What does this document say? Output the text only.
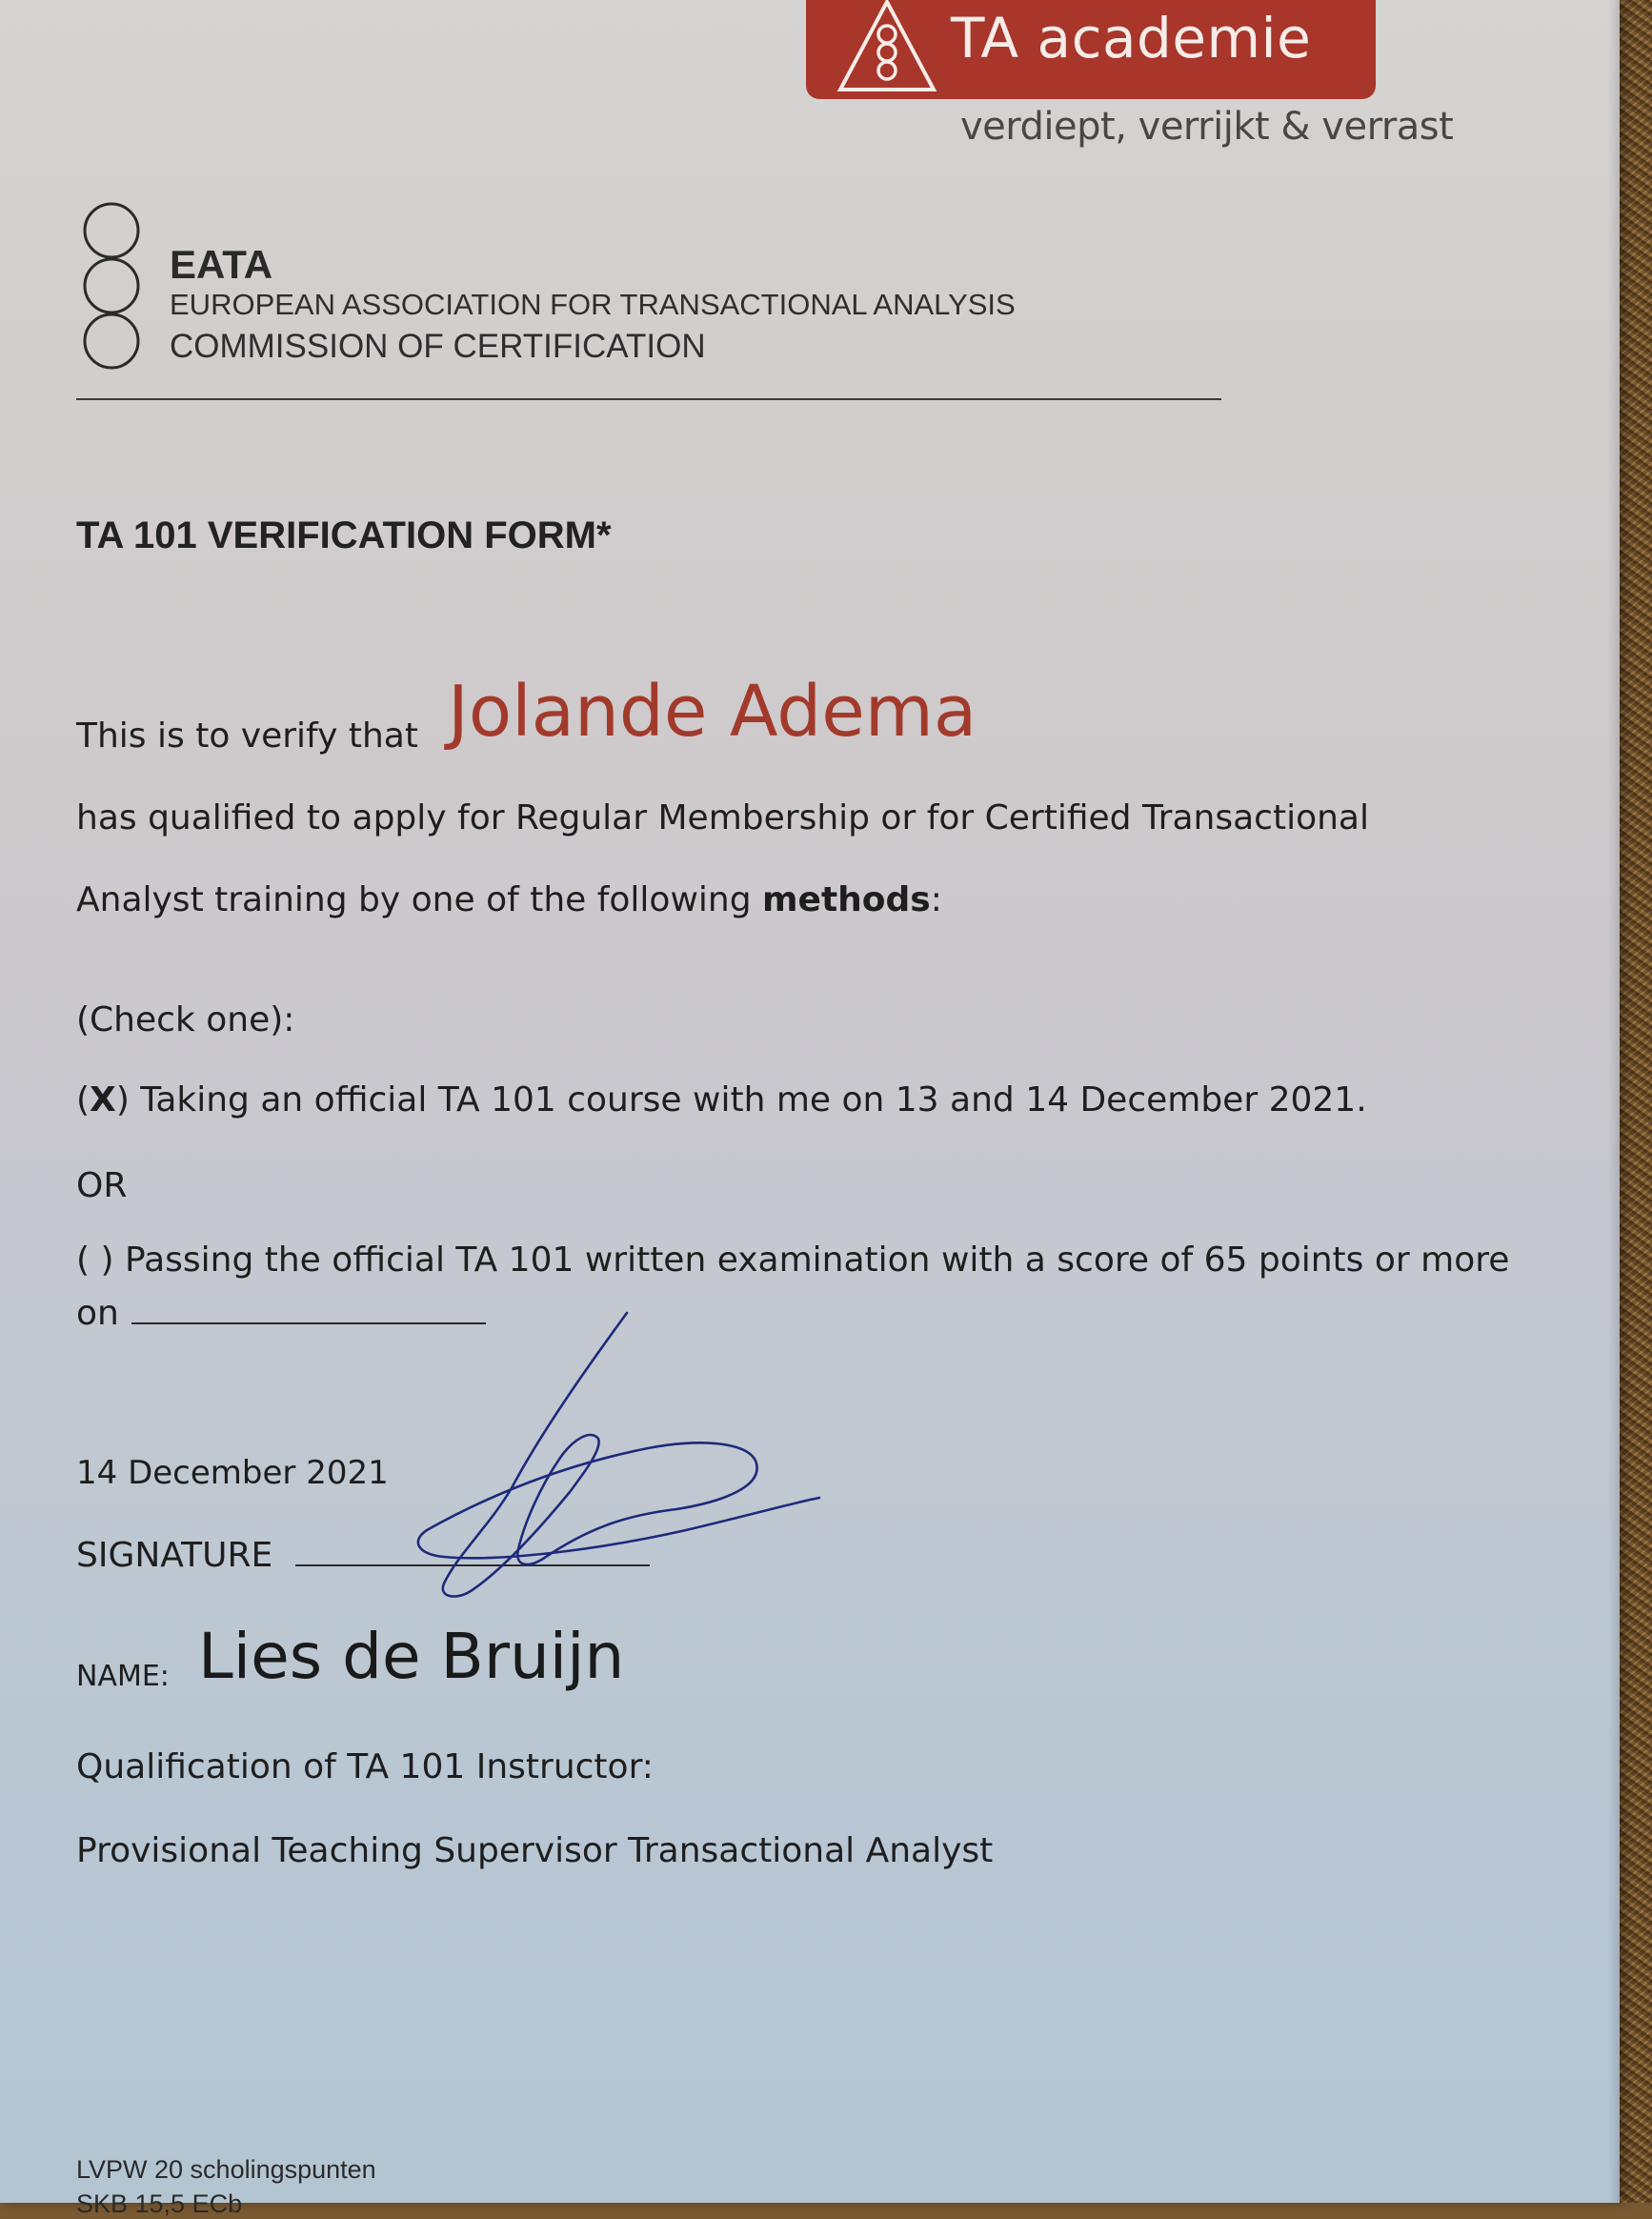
TA academie
verdiept, verrijkt & verrast
EATA
EUROPEAN ASSOCIATION FOR TRANSACTIONAL ANALYSIS
COMMISSION OF CERTIFICATION
TA 101 VERIFICATION FORM*
This is to verify that Jolande Adema
has qualified to apply for Regular Membership or for Certified Transactional
Analyst training by one of the following methods:
(Check one):
(X) Taking an official TA 101 course with me on 13 and 14 December 2021.
OR
( ) Passing the official TA 101 written examination with a score of 65 points or more
on
14 December 2021
SIGNATURE
NAME: Lies de Bruijn
Qualification of TA 101 Instructor:
Provisional Teaching Supervisor Transactional Analyst
LVPW 20 scholingspunten
SKB 15,5 ECb
